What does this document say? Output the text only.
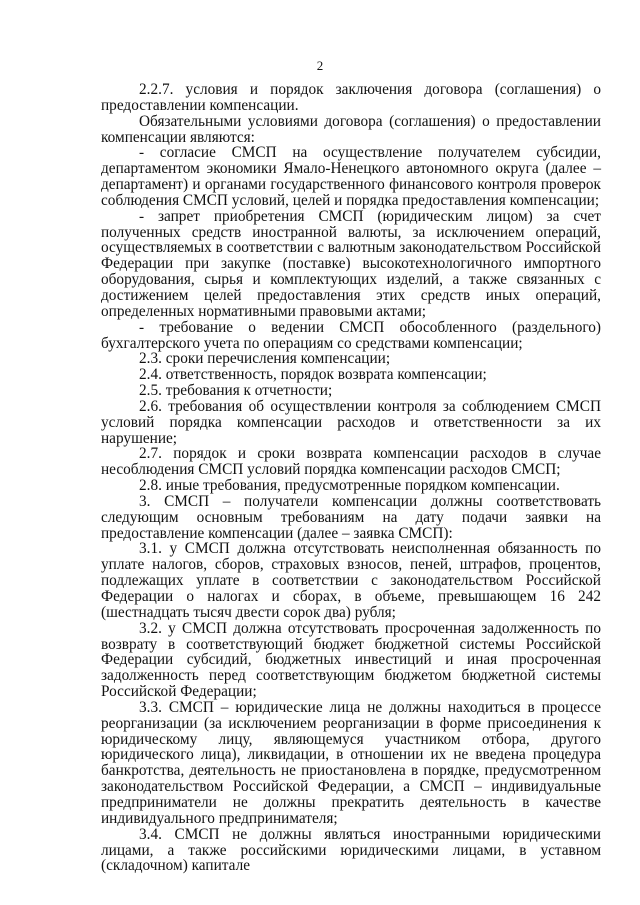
2

2.2.7. условия и порядок заключения договора (соглашения) о предоставлении компенсации.

Обязательными условиями договора (соглашения) о предоставлении компенсации являются:

- согласие СМСП на осуществление получателем субсидии, департаментом экономики Ямало-Ненецкого автономного округа (далее – департамент) и органами государственного финансового контроля проверок соблюдения СМСП условий, целей и порядка предоставления компенсации;

- запрет приобретения СМСП (юридическим лицом) за счет полученных средств иностранной валюты, за исключением операций, осуществляемых в соответствии с валютным законодательством Российской Федерации при закупке (поставке) высокотехнологичного импортного оборудования, сырья и комплектующих изделий, а также связанных с достижением целей предоставления этих средств иных операций, определенных нормативными правовыми актами;

- требование о ведении СМСП обособленного (раздельного) бухгалтерского учета по операциям со средствами компенсации;

2.3. сроки перечисления компенсации;

2.4. ответственность, порядок возврата компенсации;

2.5. требования к отчетности;

2.6. требования об осуществлении контроля за соблюдением СМСП условий порядка компенсации расходов и ответственности за их нарушение;

2.7. порядок и сроки возврата компенсации расходов в случае несоблюдения СМСП условий порядка компенсации расходов СМСП;

2.8. иные требования, предусмотренные порядком компенсации.

3. СМСП – получатели компенсации должны соответствовать следующим основным требованиям на дату подачи заявки на предоставление компенсации (далее – заявка СМСП):

3.1. у СМСП должна отсутствовать неисполненная обязанность по уплате налогов, сборов, страховых взносов, пеней, штрафов, процентов, подлежащих уплате в соответствии с законодательством Российской Федерации о налогах и сборах, в объеме, превышающем 16 242 (шестнадцать тысяч двести сорок два) рубля;

3.2. у СМСП должна отсутствовать просроченная задолженность по возврату в соответствующий бюджет бюджетной системы Российской Федерации субсидий, бюджетных инвестиций и иная просроченная задолженность перед соответствующим бюджетом бюджетной системы Российской Федерации;

3.3. СМСП – юридические лица не должны находиться в процессе реорганизации (за исключением реорганизации в форме присоединения к юридическому лицу, являющемуся участником отбора, другого юридического лица), ликвидации, в отношении их не введена процедура банкротства, деятельность не приостановлена в порядке, предусмотренном законодательством Российской Федерации, а СМСП – индивидуальные предприниматели не должны прекратить деятельность в качестве индивидуального предпринимателя;

3.4. СМСП не должны являться иностранными юридическими лицами, а также российскими юридическими лицами, в уставном (складочном) капитале
